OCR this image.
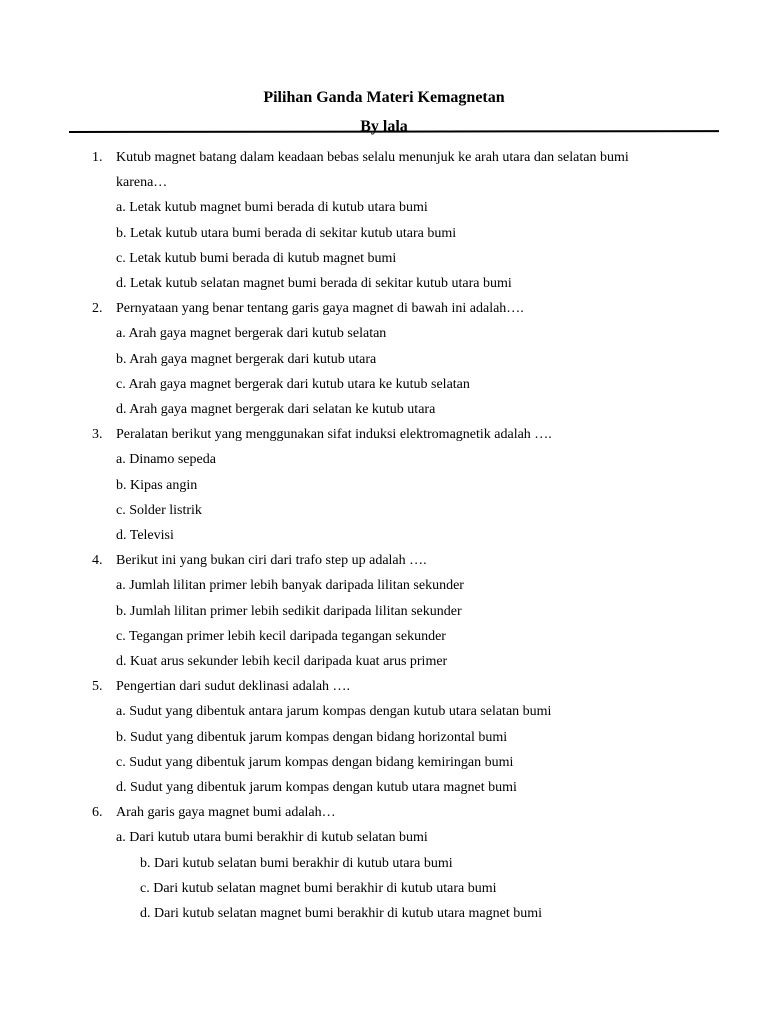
Pilihan Ganda Materi Kemagnetan
By lala
1. Kutub magnet batang dalam keadaan bebas selalu menunjuk ke arah utara dan selatan bumi karena…
a. Letak kutub magnet bumi berada di kutub utara bumi
b. Letak kutub utara bumi berada di sekitar kutub utara bumi
c. Letak kutub bumi berada di kutub magnet bumi
d. Letak kutub selatan magnet bumi berada di sekitar kutub utara bumi
2. Pernyataan yang benar tentang garis gaya magnet di bawah ini adalah….
a. Arah gaya magnet bergerak dari kutub selatan
b. Arah gaya magnet bergerak dari kutub utara
c. Arah gaya magnet bergerak dari kutub utara ke kutub selatan
d. Arah gaya magnet bergerak dari selatan ke kutub utara
3. Peralatan berikut yang menggunakan sifat induksi elektromagnetik adalah ….
a. Dinamo sepeda
b. Kipas angin
c. Solder listrik
d. Televisi
4. Berikut ini yang bukan ciri dari trafo step up adalah ….
a. Jumlah lilitan primer lebih banyak daripada lilitan sekunder
b. Jumlah lilitan primer lebih sedikit daripada lilitan sekunder
c. Tegangan primer lebih kecil daripada tegangan sekunder
d. Kuat arus sekunder lebih kecil daripada kuat arus primer
5. Pengertian dari sudut deklinasi adalah ….
a. Sudut yang dibentuk antara jarum kompas dengan kutub utara selatan bumi
b. Sudut yang dibentuk jarum kompas dengan bidang horizontal bumi
c. Sudut yang dibentuk jarum kompas dengan bidang kemiringan bumi
d. Sudut yang dibentuk jarum kompas dengan kutub utara magnet bumi
6. Arah garis gaya magnet bumi adalah…
a. Dari kutub utara bumi berakhir di kutub selatan bumi
b. Dari kutub selatan bumi berakhir di kutub utara bumi
c. Dari kutub selatan magnet bumi berakhir di kutub utara bumi
d. Dari kutub selatan magnet bumi berakhir di kutub utara magnet bumi
